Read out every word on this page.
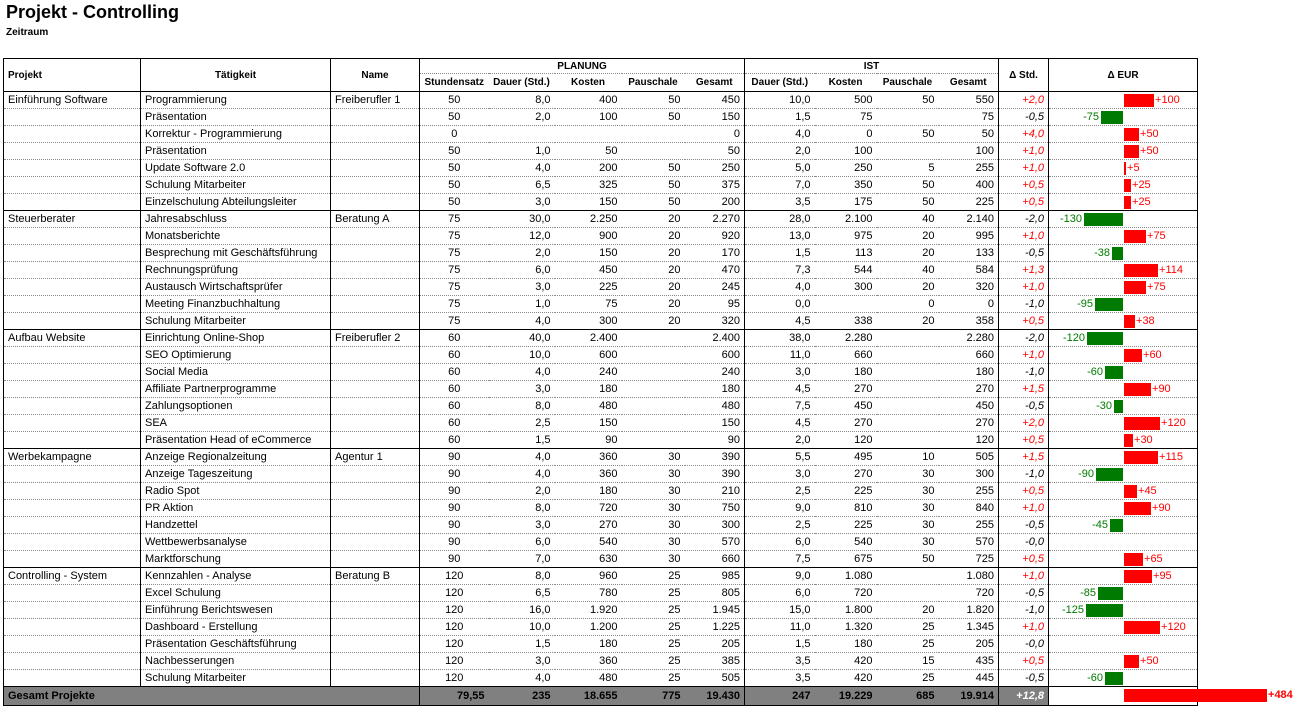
Projekt - Controlling
Zeitraum
Projekt	Tätigkeit	Name	PLANUNG					IST				Δ Std.	Δ EUR
			Stundensatz	Dauer (Std.)	Kosten	Pauschale	Gesamt	Dauer (Std.)	Kosten	Pauschale	Gesamt		
Einführung Software	Programmierung	Freiberufler 1	50	8,0	400	50	450	10,0	500	50	550	+2,0	+100

	Präsentation		50	2,0	100	50	150	1,5	75		75	-0,5	-75

	Korrektur - Programmierung		0				0	4,0	0	50	50	+4,0	+50

	Präsentation		50	1,0	50		50	2,0	100		100	+1,0	+50

	Update Software 2.0		50	4,0	200	50	250	5,0	250	5	255	+1,0	+5

	Schulung Mitarbeiter		50	6,5	325	50	375	7,0	350	50	400	+0,5	+25

	Einzelschulung Abteilungsleiter		50	3,0	150	50	200	3,5	175	50	225	+0,5	+25

Steuerberater	Jahresabschluss	Beratung A	75	30,0	2.250	20	2.270	28,0	2.100	40	2.140	-2,0	-130

	Monatsberichte		75	12,0	900	20	920	13,0	975	20	995	+1,0	+75

	Besprechung mit Geschäftsführung		75	2,0	150	20	170	1,5	113	20	133	-0,5	-38

	Rechnungsprüfung		75	6,0	450	20	470	7,3	544	40	584	+1,3	+114

	Austausch Wirtschaftsprüfer		75	3,0	225	20	245	4,0	300	20	320	+1,0	+75

	Meeting Finanzbuchhaltung		75	1,0	75	20	95	0,0		0	0	-1,0	-95

	Schulung Mitarbeiter		75	4,0	300	20	320	4,5	338	20	358	+0,5	+38

Aufbau Website	Einrichtung Online-Shop	Freiberufler 2	60	40,0	2.400		2.400	38,0	2.280		2.280	-2,0	-120

	SEO Optimierung		60	10,0	600		600	11,0	660		660	+1,0	+60

	Social Media		60	4,0	240		240	3,0	180		180	-1,0	-60

	Affiliate Partnerprogramme		60	3,0	180		180	4,5	270		270	+1,5	+90

	Zahlungsoptionen		60	8,0	480		480	7,5	450		450	-0,5	-30

	SEA		60	2,5	150		150	4,5	270		270	+2,0	+120

	Präsentation Head of eCommerce		60	1,5	90		90	2,0	120		120	+0,5	+30

Werbekampagne	Anzeige Regionalzeitung	Agentur 1	90	4,0	360	30	390	5,5	495	10	505	+1,5	+115

	Anzeige Tageszeitung		90	4,0	360	30	390	3,0	270	30	300	-1,0	-90

	Radio Spot		90	2,0	180	30	210	2,5	225	30	255	+0,5	+45

	PR Aktion		90	8,0	720	30	750	9,0	810	30	840	+1,0	+90

	Handzettel		90	3,0	270	30	300	2,5	225	30	255	-0,5	-45

	Wettbewerbsanalyse		90	6,0	540	30	570	6,0	540	30	570	-0,0	
	Marktforschung		90	7,0	630	30	660	7,5	675	50	725	+0,5	+65

Controlling - System	Kennzahlen - Analyse	Beratung B	120	8,0	960	25	985	9,0	1.080		1.080	+1,0	+95

	Excel Schulung		120	6,5	780	25	805	6,0	720		720	-0,5	-85

	Einführung Berichtswesen		120	16,0	1.920	25	1.945	15,0	1.800	20	1.820	-1,0	-125

	Dashboard - Erstellung		120	10,0	1.200	25	1.225	11,0	1.320	25	1.345	+1,0	+120

	Präsentation Geschäftsführung		120	1,5	180	25	205	1,5	180	25	205	-0,0	
	Nachbesserungen		120	3,0	360	25	385	3,5	420	15	435	+0,5	+50

	Schulung Mitarbeiter		120	4,0	480	25	505	3,5	420	25	445	-0,5	-60

Gesamt Projekte			79,55	235	18.655	775	19.430	247	19.229	685	19.914	+12,8	+484
